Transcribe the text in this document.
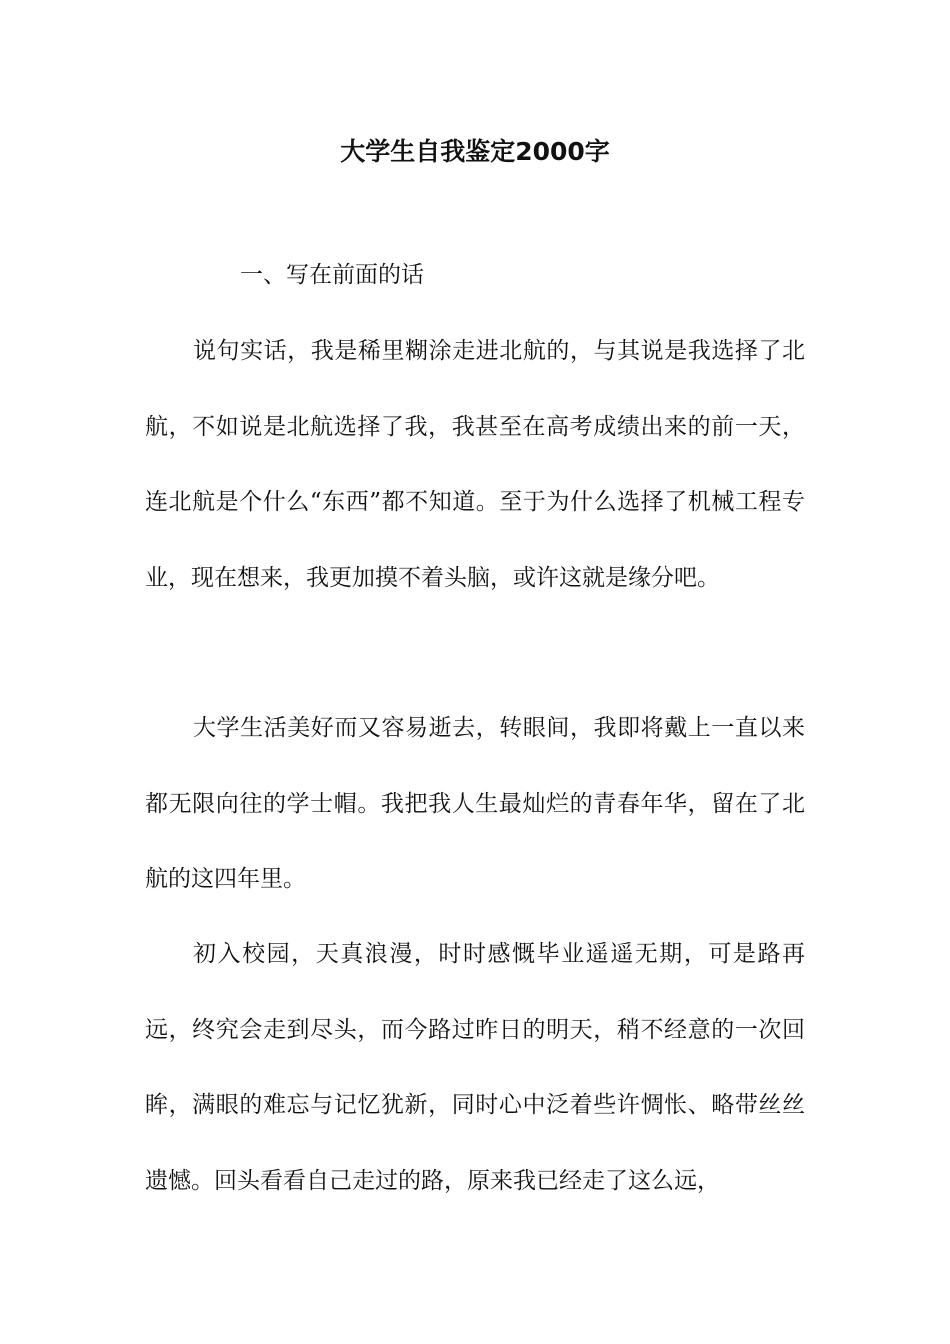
大学生自我鉴定2000字
一、写在前面的话

说句实话，我是稀里糊涂走进北航的，与其说是我选择了北航，不如说是北航选择了我，我甚至在高考成绩出来的前一天，连北航是个什么“东西”都不知道。至于为什么选择了机械工程专业，现在想来，我更加摸不着头脑，或许这就是缘分吧。

大学生活美好而又容易逝去，转眼间，我即将戴上一直以来都无限向往的学士帽。我把我人生最灿烂的青春年华，留在了北航的这四年里。

初入校园，天真浪漫，时时感慨毕业遥遥无期，可是路再远，终究会走到尽头，而今路过昨日的明天，稍不经意的一次回眸，满眼的难忘与记忆犹新，同时心中泛着些许惆怅、略带丝丝遗憾。回头看看自己走过的路，原来我已经走了这么远，
